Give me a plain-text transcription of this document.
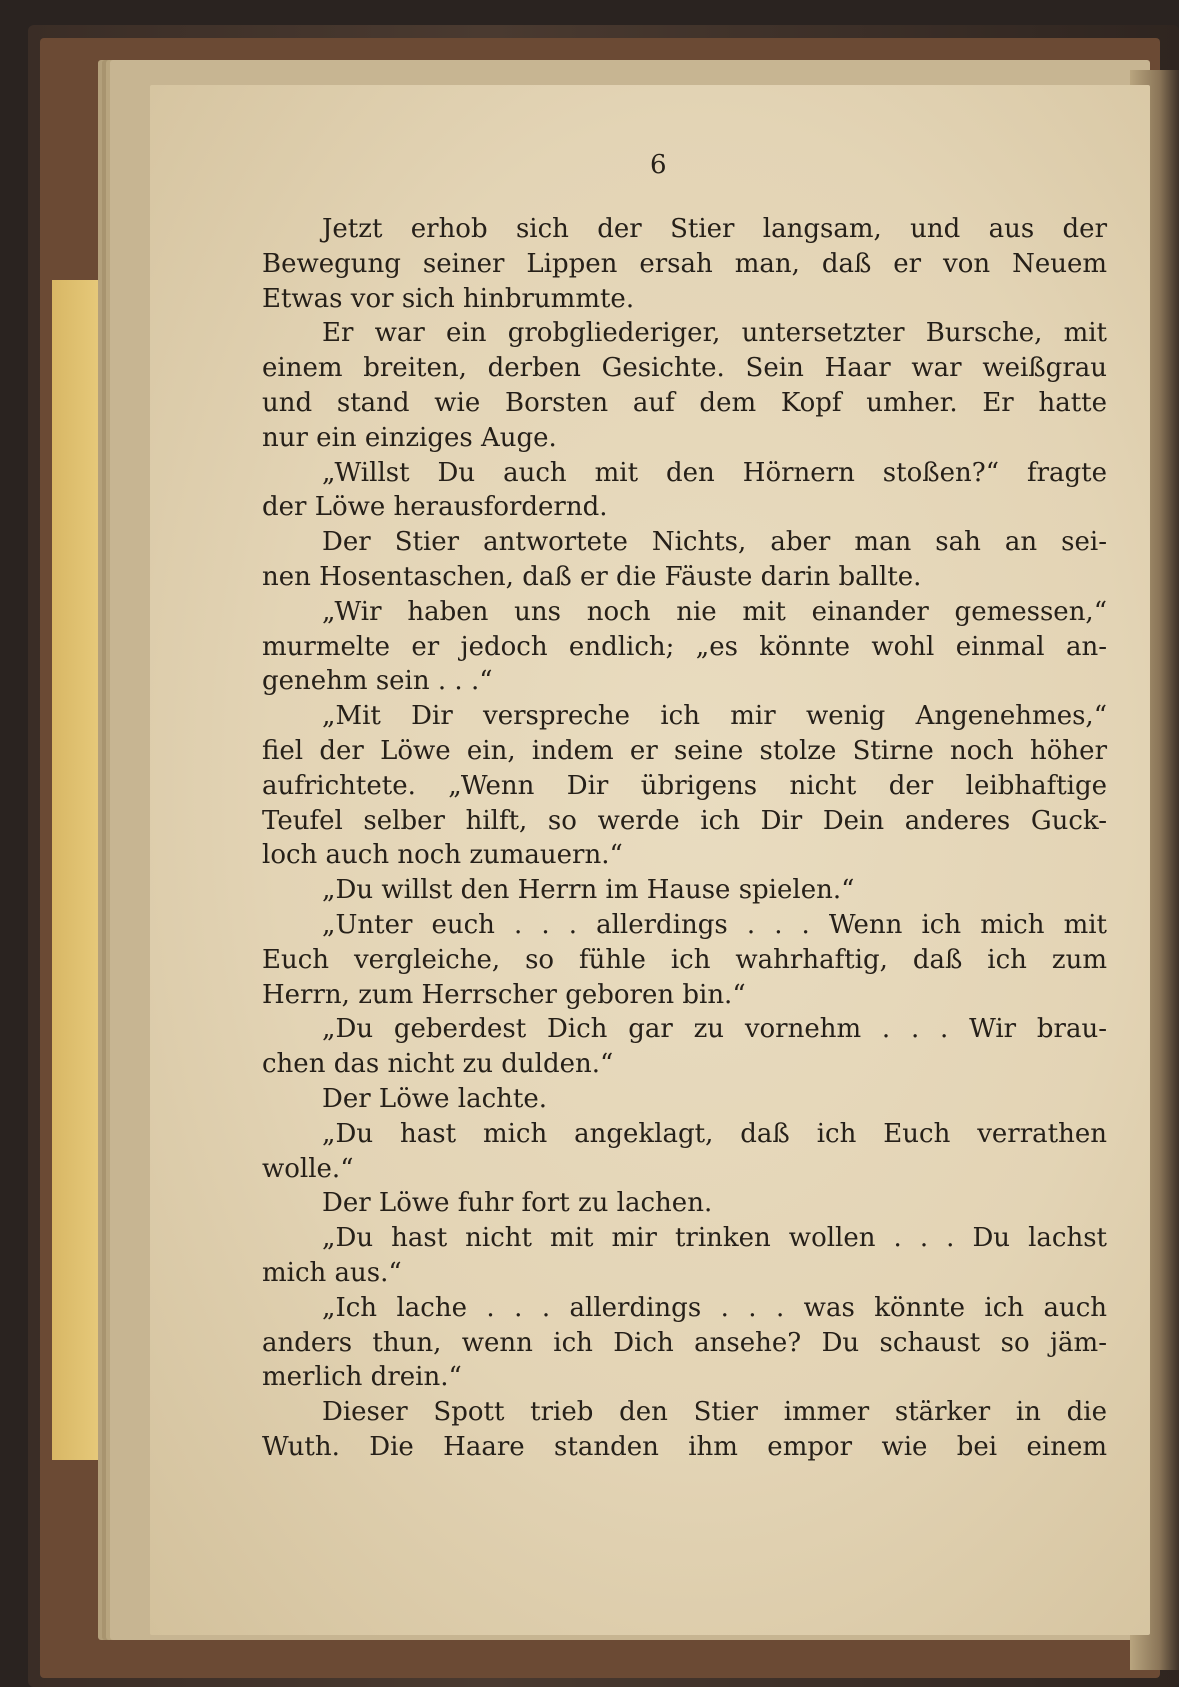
6
Jetzt erhob sich der Stier langsam, und aus der
Bewegung seiner Lippen ersah man, daß er von Neuem
Etwas vor sich hinbrummte.
Er war ein grobgliederiger, untersetzter Bursche, mit
einem breiten, derben Gesichte. Sein Haar war weißgrau
und stand wie Borsten auf dem Kopf umher. Er hatte
nur ein einziges Auge.
„Willst Du auch mit den Hörnern stoßen?“ fragte
der Löwe herausfordernd.
Der Stier antwortete Nichts, aber man sah an sei-
nen Hosentaschen, daß er die Fäuste darin ballte.
„Wir haben uns noch nie mit einander gemessen,“
murmelte er jedoch endlich; „es könnte wohl einmal an-
genehm sein . . .“
„Mit Dir verspreche ich mir wenig Angenehmes,“
fiel der Löwe ein, indem er seine stolze Stirne noch höher
aufrichtete. „Wenn Dir übrigens nicht der leibhaftige
Teufel selber hilft, so werde ich Dir Dein anderes Guck-
loch auch noch zumauern.“
„Du willst den Herrn im Hause spielen.“
„Unter euch . . . allerdings . . . Wenn ich mich mit
Euch vergleiche, so fühle ich wahrhaftig, daß ich zum
Herrn, zum Herrscher geboren bin.“
„Du geberdest Dich gar zu vornehm . . . Wir brau-
chen das nicht zu dulden.“
Der Löwe lachte.
„Du hast mich angeklagt, daß ich Euch verrathen
wolle.“
Der Löwe fuhr fort zu lachen.
„Du hast nicht mit mir trinken wollen . . . Du lachst
mich aus.“
„Ich lache . . . allerdings . . . was könnte ich auch
anders thun, wenn ich Dich ansehe? Du schaust so jäm-
merlich drein.“
Dieser Spott trieb den Stier immer stärker in die
Wuth. Die Haare standen ihm empor wie bei einem
